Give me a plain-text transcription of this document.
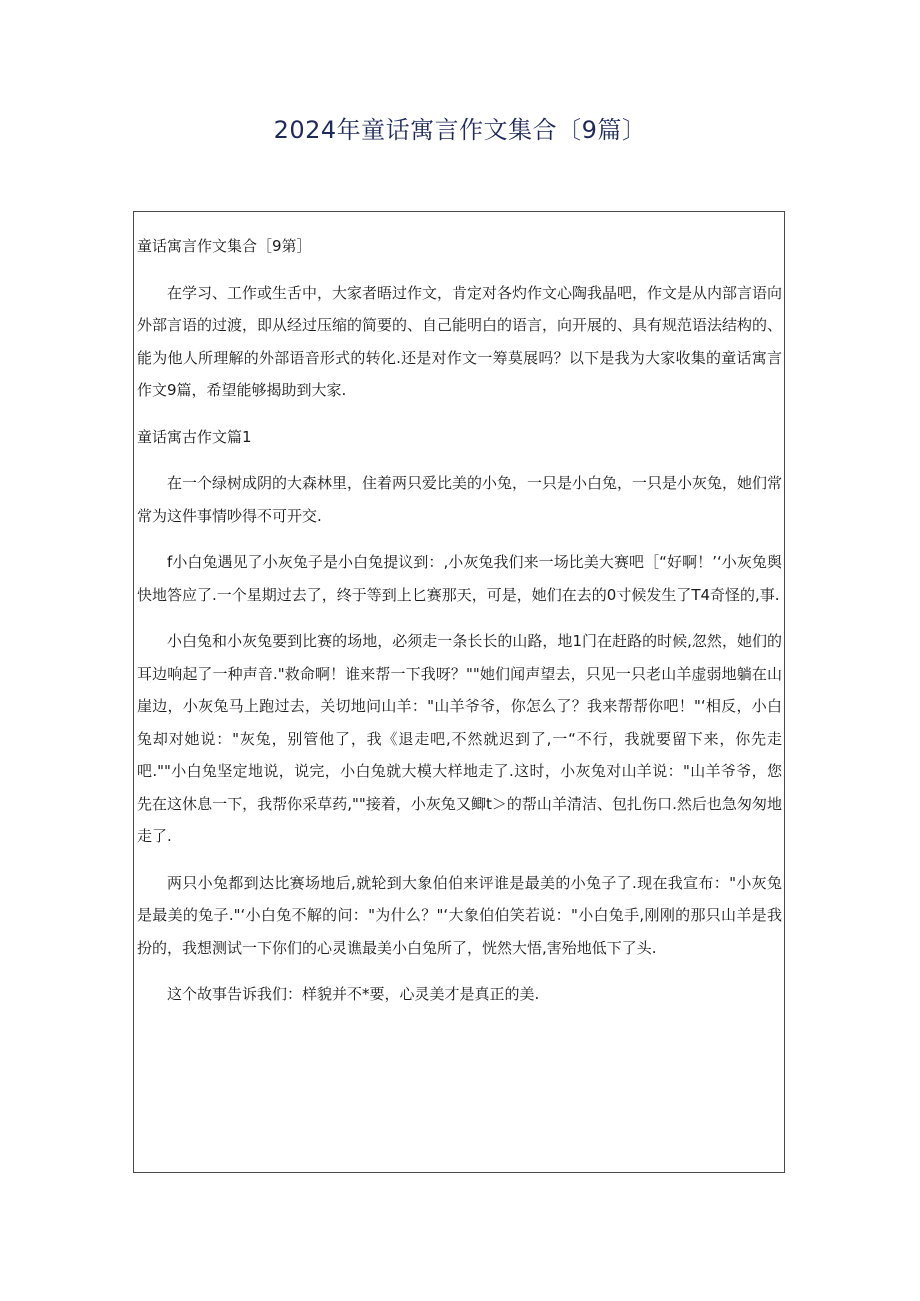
2024年童话寓言作文集合〔9篇〕

童话寓言作文集合［9第］

在学习、工作或生舌中，大家者晤过作文，肯定对各灼作文心陶我晶吧，作文是从内部言语向外部言语的过渡，即从经过压缩的简要的、自己能明白的语言，向开展的、具有规范语法结构的、能为他人所理解的外部语音形式的转化.还是对作文一筹莫展吗？以下是我为大家收集的童话寓言作文9篇，希望能够揭助到大家.

童话寓古作文篇1

在一个绿树成阴的大森林里，住着两只爱比美的小兔，一只是小白兔，一只是小灰兔，她们常常为这件事情吵得不可开交.

f小白兔遇见了小灰兔子是小白兔提议到：,小灰兔我们来一场比美大赛吧［“好啊！’‘小灰兔舆快地答应了.一个星期过去了，终于等到上匕赛那天，可是，她们在去的0寸候发生了T4奇怪的,事.

小白兔和小灰兔要到比赛的场地，必须走一条长长的山路，地1门在赶路的时候,忽然，她们的耳边响起了一种声音."救命啊！谁来帮一下我呀？""她们闻声望去，只见一只老山羊虚弱地躺在山崖边，小灰兔马上跑过去，关切地问山羊："山羊爷爷，你怎么了？我来帮帮你吧！"‘相反，小白兔却对她说："灰兔，别管他了，我《退走吧,不然就迟到了,一“不行，我就要留下来，你先走吧.""小白兔坚定地说，说完，小白兔就大模大样地走了.这时，小灰兔对山羊说："山羊爷爷，您先在这休息一下，我帮你采草药,""接着，小灰兔又鲫t＞的帮山羊清洁、包扎伤口.然后也急匆匆地走了.

两只小兔都到达比赛场地后,就轮到大象伯伯来评谁是最美的小兔子了.现在我宣布："小灰兔是最美的兔子."‘小白兔不解的问："为什么？"‘大象伯伯笑若说："小白兔手,刚刚的那只山羊是我扮的，我想测试一下你们的心灵谯最美小白兔所了，恍然大悟,害殆地低下了头.

这个故事告诉我们：样貌并不*要，心灵美才是真正的美.
